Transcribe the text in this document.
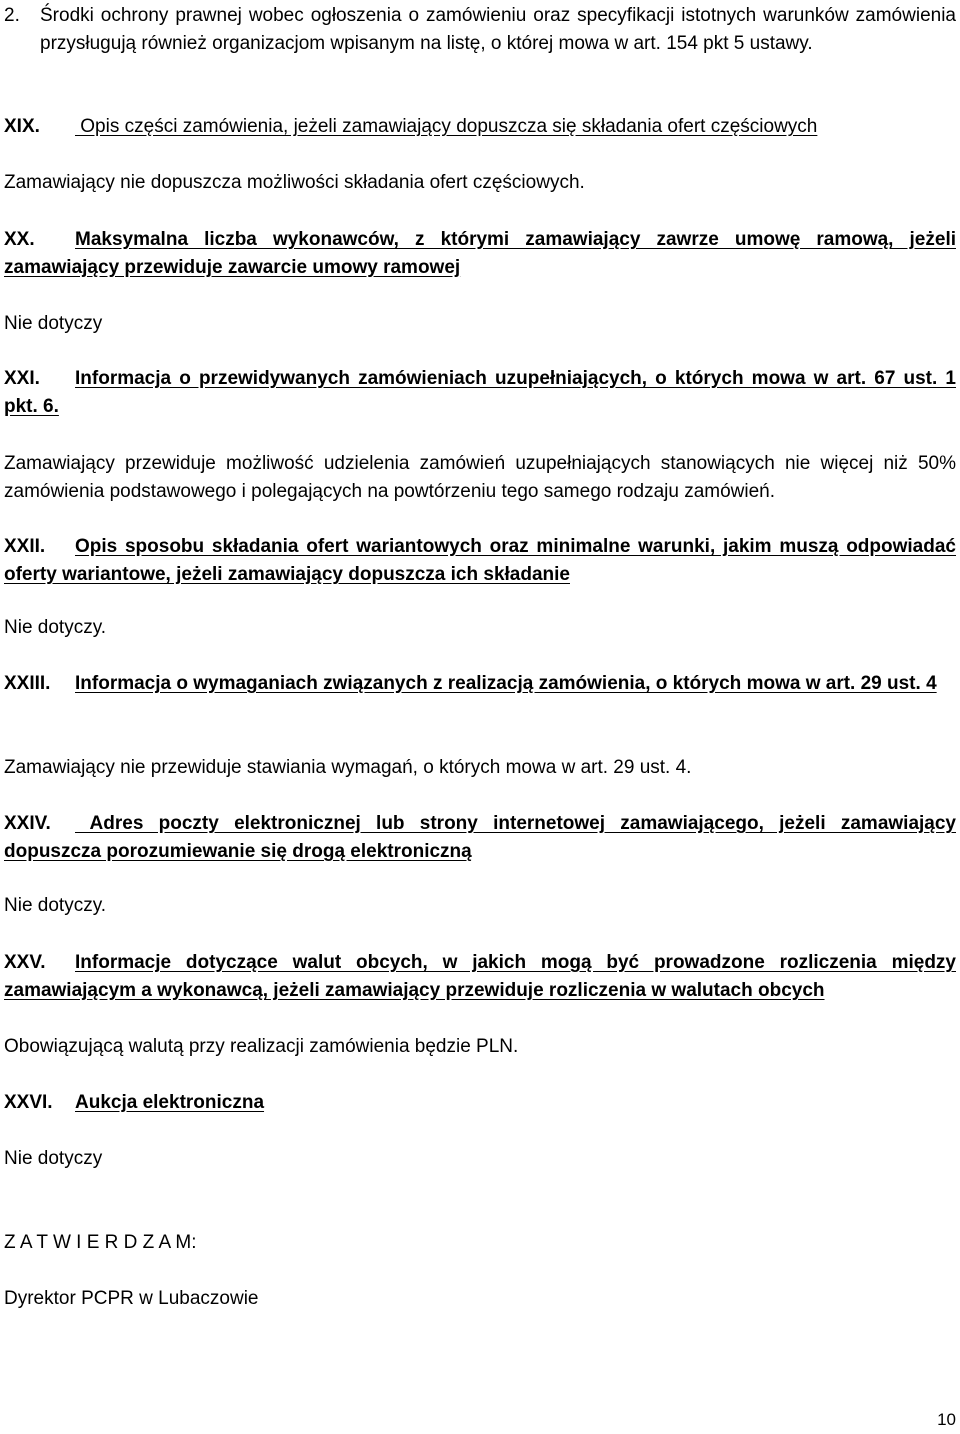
2.	Środki ochrony prawnej wobec ogłoszenia o zamówieniu oraz specyfikacji istotnych warunków zamówienia przysługują również organizacjom wpisanym na listę, o której mowa w art. 154 pkt 5 ustawy.
XIX. Opis części zamówienia, jeżeli zamawiający dopuszcza się składania ofert częściowych
Zamawiający nie dopuszcza możliwości składania ofert częściowych.
XX. Maksymalna liczba wykonawców, z którymi zamawiający zawrze umowę ramową, jeżeli zamawiający przewiduje zawarcie umowy ramowej
Nie dotyczy
XXI. Informacja o przewidywanych zamówieniach uzupełniających, o których mowa w art. 67 ust. 1 pkt. 6.
Zamawiający przewiduje możliwość udzielenia zamówień uzupełniających stanowiących nie więcej niż 50% zamówienia podstawowego i polegających na powtórzeniu tego samego rodzaju zamówień.
XXII. Opis sposobu składania ofert wariantowych oraz minimalne warunki, jakim muszą odpowiadać oferty wariantowe, jeżeli zamawiający dopuszcza ich składanie
Nie dotyczy.
XXIII. Informacja o wymaganiach związanych z realizacją zamówienia, o których mowa w art. 29 ust. 4
Zamawiający nie przewiduje stawiania wymagań, o których mowa w art. 29 ust. 4.
XXIV. Adres poczty elektronicznej lub strony internetowej zamawiającego, jeżeli zamawiający dopuszcza porozumiewanie się drogą elektroniczną
Nie dotyczy.
XXV. Informacje dotyczące walut obcych, w jakich mogą być prowadzone rozliczenia między zamawiającym a wykonawcą, jeżeli zamawiający przewiduje rozliczenia w walutach obcych
Obowiązującą walutą przy realizacji zamówienia będzie PLN.
XXVI. Aukcja elektroniczna
Nie dotyczy
Z A T W I E R D Z A M:
Dyrektor PCPR w Lubaczowie
10
